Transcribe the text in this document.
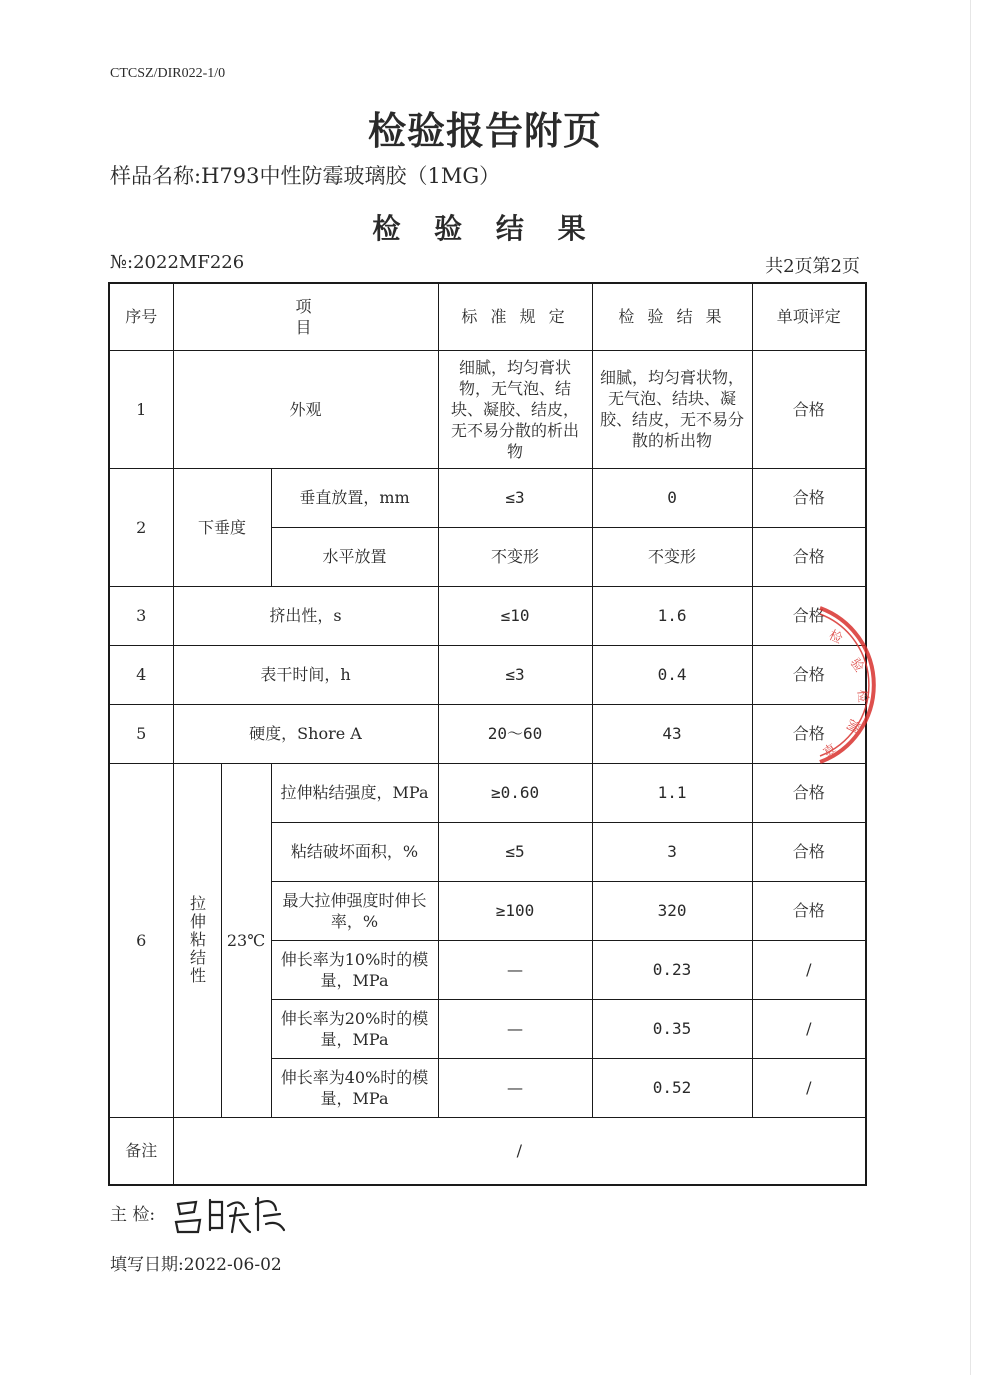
CTCSZ/DIR022-1/0
检验报告附页
样品名称:H793中性防霉玻璃胶（1MG）
检 验 结 果
№:2022MF226	共2页第2页
序号	项目			标 准 规 定	检 验 结 果	单项评定
1	外观			细腻，均匀膏状物，无气泡、结块、凝胶、结皮，无不易分散的析出物	细腻，均匀膏状物，无气泡、结块、凝胶、结皮，无不易分散的析出物	合格
2	下垂度		垂直放置，mm	≤3	0	合格
			水平放置	不变形	不变形	合格
3	挤出性，s			≤10	1.6	合格
4	表干时间，h			≤3	0.4	合格
5	硬度，Shore A			20～60	43	合格
6	拉伸粘结性	23℃	拉伸粘结强度，MPa	≥0.60	1.1	合格
			粘结破坏面积，%	≤5	3	合格
			最大拉伸强度时伸长率，%	≥100	320	合格
			伸长率为10%时的模量，MPa	—	0.23	/
			伸长率为20%时的模量，MPa	—	0.35	/
			伸长率为40%时的模量，MPa	—	0.52	/
备注	/					
检
验
检
测
章
主 检:
填写日期:2022-06-02
